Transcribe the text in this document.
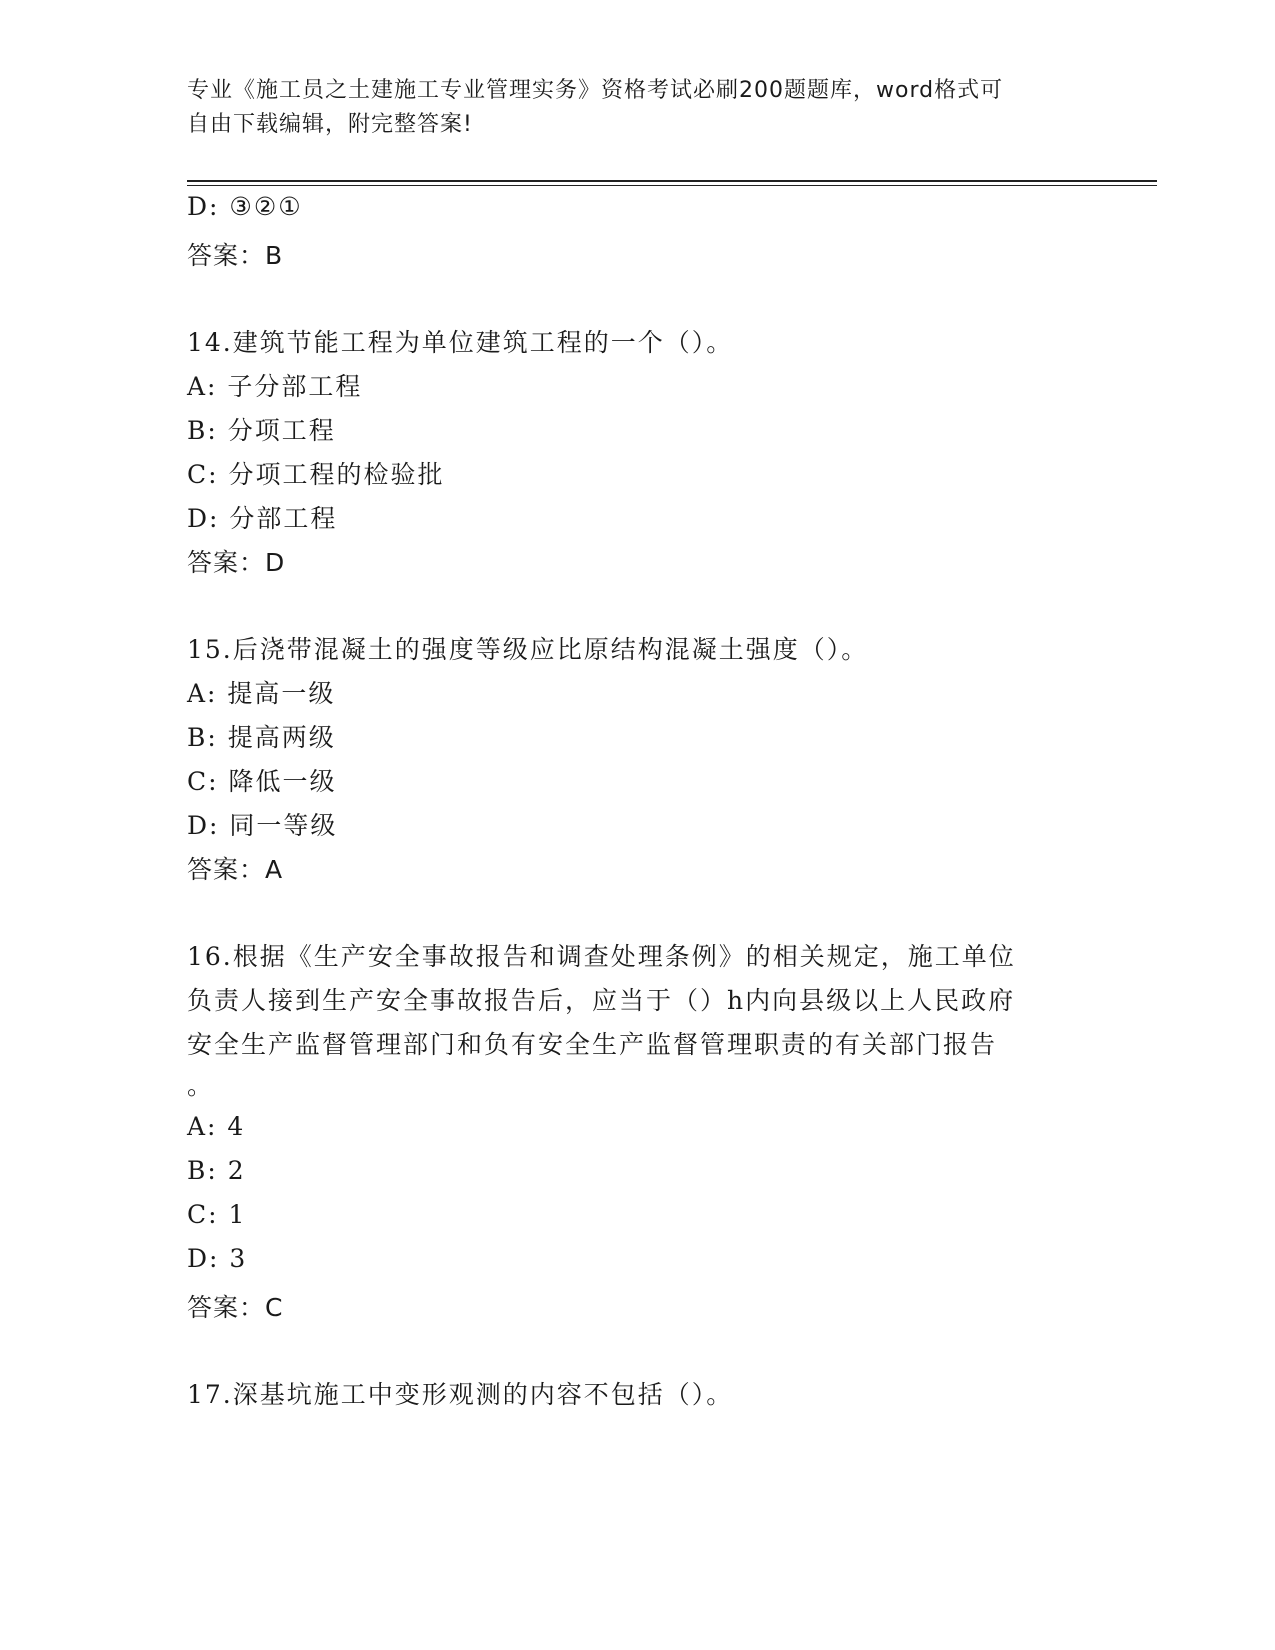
专业《施工员之土建施工专业管理实务》资格考试必刷200题题库，word格式可
自由下载编辑，附完整答案!
D: ③②①
答案：B
14.建筑节能工程为单位建筑工程的一个（）。
A: 子分部工程
B: 分项工程
C: 分项工程的检验批
D: 分部工程
答案：D
15.后浇带混凝土的强度等级应比原结构混凝土强度（）。
A: 提高一级
B: 提高两级
C: 降低一级
D: 同一等级
答案：A
16.根据《生产安全事故报告和调查处理条例》的相关规定，施工单位
负责人接到生产安全事故报告后，应当于（）h内向县级以上人民政府
安全生产监督管理部门和负有安全生产监督管理职责的有关部门报告
。
A: 4
B: 2
C: 1
D: 3
答案：C
17.深基坑施工中变形观测的内容不包括（）。
